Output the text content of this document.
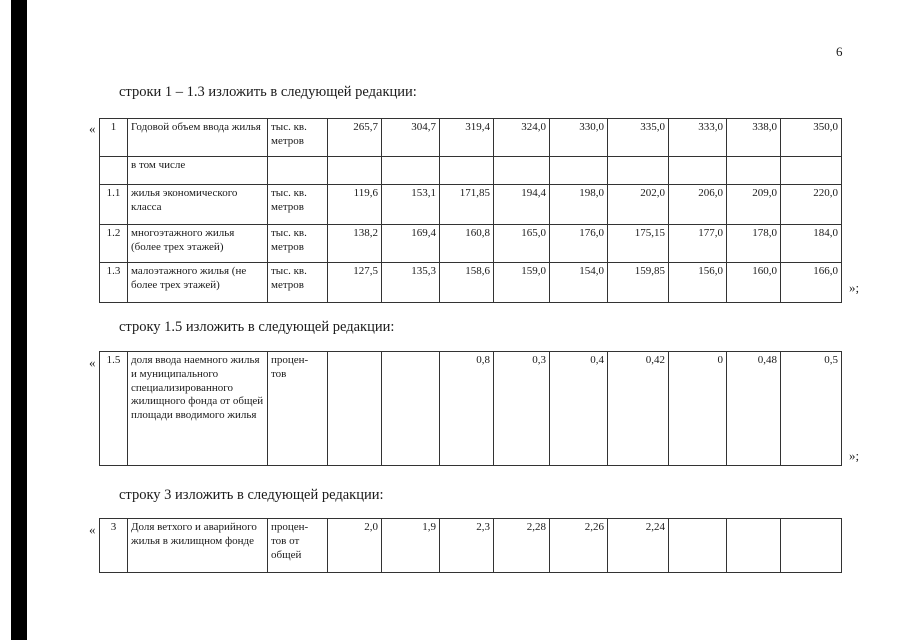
6
строки 1 – 1.3 изложить в следующей редакции:
« 1	Годовой объем ввода жилья	тыс. кв.
метров	265,7	304,7	319,4	324,0	330,0	335,0	333,0	338,0	350,0
	в том числе										
1.1	жилья экономического класса	тыс. кв.
метров	119,6	153,1	171,85	194,4	198,0	202,0	206,0	209,0	220,0
1.2	многоэтажного жилья (более трех этажей)	тыс. кв.
метров	138,2	169,4	160,8	165,0	176,0	175,15	177,0	178,0	184,0
1.3	малоэтажного жилья (не более трех этажей)	тыс. кв.
метров	127,5	135,3	158,6	159,0	154,0	159,85	156,0	160,0	166,0
»;
строку 1.5 изложить в следующей редакции:
« 1.5	доля ввода наемного жилья и муниципального специализированного жилищного фонда от общей площади вводимого жилья	процен-
тов			0,8	0,3	0,4	0,42	0	0,48	0,5
»;
строку 3 изложить в следующей редакции:
« 3	Доля ветхого и аварийного жилья в жилищном фонде	процен-
тов от
общей	2,0	1,9	2,3	2,28	2,26	2,24			
